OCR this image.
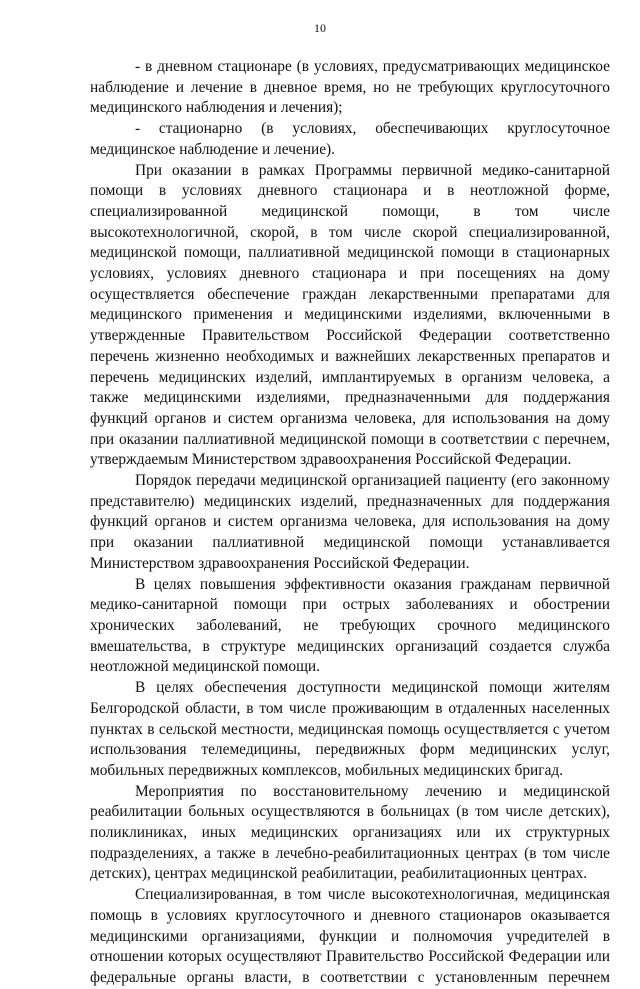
10

- в дневном стационаре (в условиях, предусматривающих медицинское наблюдение и лечение в дневное время, но не требующих круглосуточного медицинского наблюдения и лечения);

- стационарно (в условиях, обеспечивающих круглосуточное медицинское наблюдение и лечение).

При оказании в рамках Программы первичной медико-санитарной помощи в условиях дневного стационара и в неотложной форме, специализированной медицинской помощи, в том числе высокотехнологичной, скорой, в том числе скорой специализированной, медицинской помощи, паллиативной медицинской помощи в стационарных условиях, условиях дневного стационара и при посещениях на дому осуществляется обеспечение граждан лекарственными препаратами для медицинского применения и медицинскими изделиями, включенными в утвержденные Правительством Российской Федерации соответственно перечень жизненно необходимых и важнейших лекарственных препаратов и перечень медицинских изделий, имплантируемых в организм человека, а также медицинскими изделиями, предназначенными для поддержания функций органов и систем организма человека, для использования на дому при оказании паллиативной медицинской помощи в соответствии с перечнем, утверждаемым Министерством здравоохранения Российской Федерации.

Порядок передачи медицинской организацией пациенту (его законному представителю) медицинских изделий, предназначенных для поддержания функций органов и систем организма человека, для использования на дому при оказании паллиативной медицинской помощи устанавливается Министерством здравоохранения Российской Федерации.

В целях повышения эффективности оказания гражданам первичной медико-санитарной помощи при острых заболеваниях и обострении хронических заболеваний, не требующих срочного медицинского вмешательства, в структуре медицинских организаций создается служба неотложной медицинской помощи.

В целях обеспечения доступности медицинской помощи жителям Белгородской области, в том числе проживающим в отдаленных населенных пунктах в сельской местности, медицинская помощь осуществляется с учетом использования телемедицины, передвижных форм медицинских услуг, мобильных передвижных комплексов, мобильных медицинских бригад.

Мероприятия по восстановительному лечению и медицинской реабилитации больных осуществляются в больницах (в том числе детских), поликлиниках, иных медицинских организациях или их структурных подразделениях, а также в лечебно-реабилитационных центрах (в том числе детских), центрах медицинской реабилитации, реабилитационных центрах.

Специализированная, в том числе высокотехнологичная, медицинская помощь в условиях круглосуточного и дневного стационаров оказывается медицинскими организациями, функции и полномочия учредителей в отношении которых осуществляют Правительство Российской Федерации или федеральные органы власти, в соответствии с установленным перечнем
